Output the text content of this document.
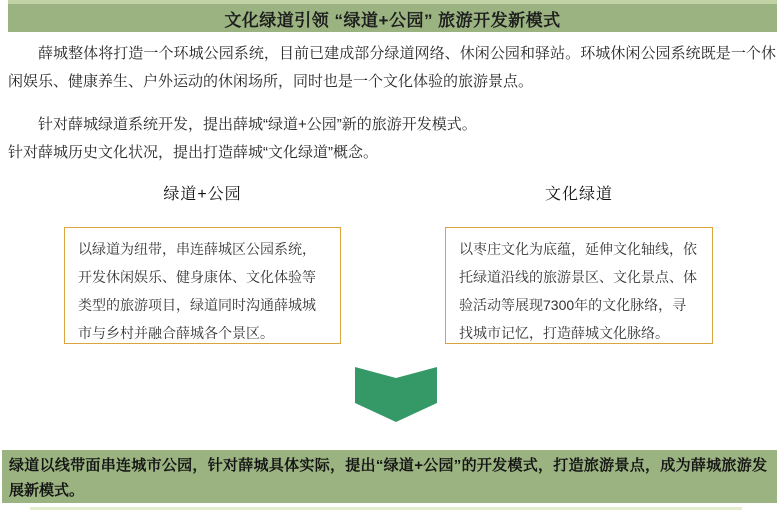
文化绿道引领 “绿道+公园” 旅游开发新模式
薛城整体将打造一个环城公园系统，目前已建成部分绿道网络、休闲公园和驿站。环城休闲公园系统既是一个休闲娱乐、健康养生、户外运动的休闲场所，同时也是一个文化体验的旅游景点。
针对薛城绿道系统开发，提出薛城“绿道+公园”新的旅游开发模式。
针对薛城历史文化状况，提出打造薛城“文化绿道”概念。
绿道+公园	文化绿道
以绿道为纽带，串连薛城区公园系统，开发休闲娱乐、健身康体、文化体验等类型的旅游项目，绿道同时沟通薛城城市与乡村并融合薛城各个景区。
以枣庄文化为底蕴，延伸文化轴线，依托绿道沿线的旅游景区、文化景点、体验活动等展现7300年的文化脉络，寻找城市记忆，打造薛城文化脉络。
绿道以线带面串连城市公园，针对薛城具体实际，提出“绿道+公园”的开发模式，打造旅游景点，成为薛城旅游发展新模式。
